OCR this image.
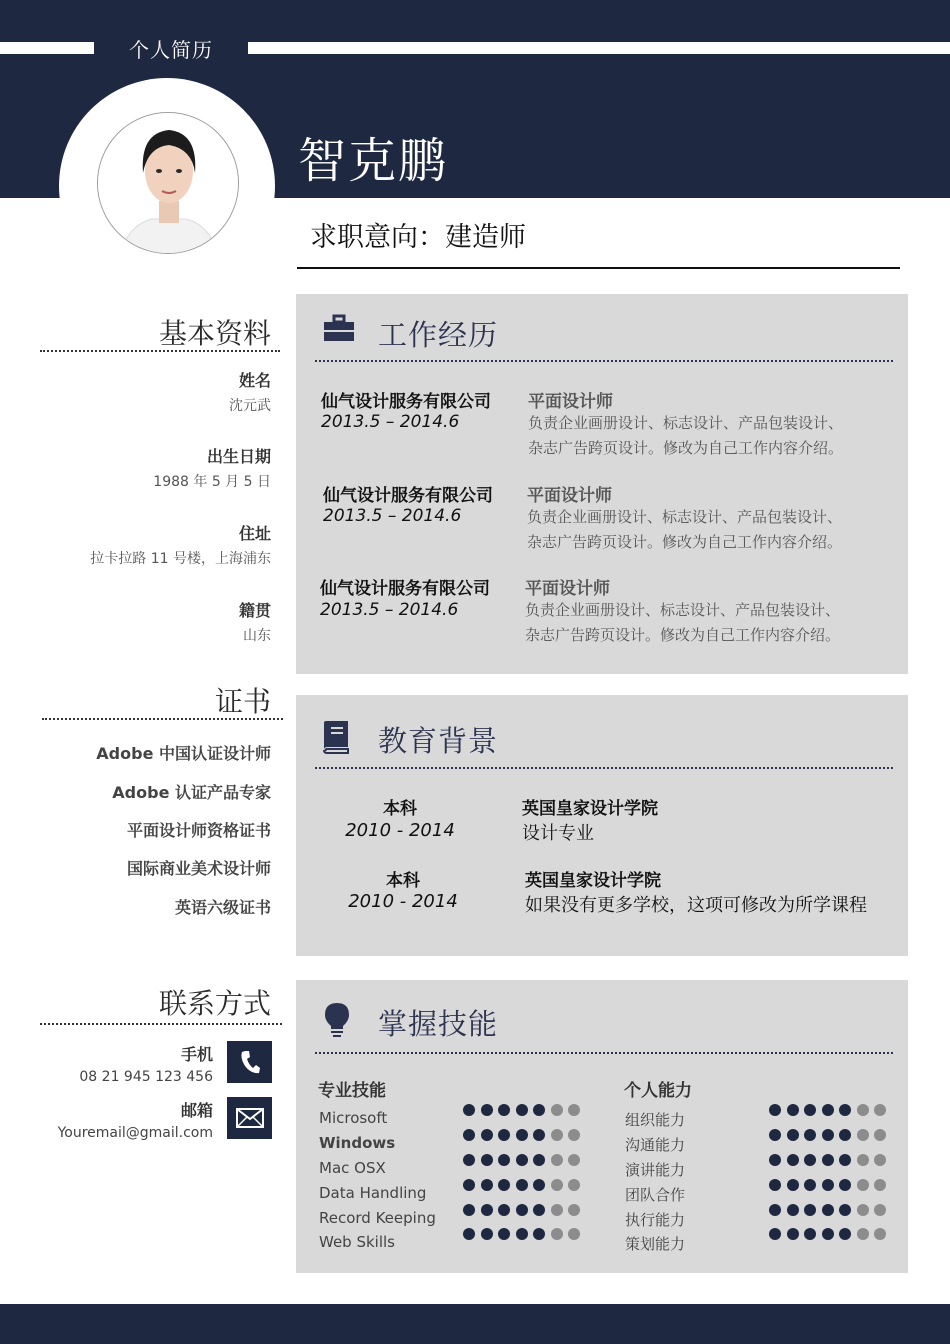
个人简历
智克鹏
求职意向：建造师
基本资料
姓名
沈元武
出生日期
1988 年 5 月 5 日
住址
拉卡拉路 11 号楼，上海浦东
籍贯
山东
证书
Adobe 中国认证设计师
Adobe 认证产品专家
平面设计师资格证书
国际商业美术设计师
英语六级证书
联系方式
手机
08 21 945 123 456
邮箱
Youremail@gmail.com
工作经历
仙气设计服务有限公司
2013.5 – 2014.6
平面设计师
负责企业画册设计、标志设计、产品包装设计、
杂志广告跨页设计。修改为自己工作内容介绍。
仙气设计服务有限公司
2013.5 – 2014.6
平面设计师
负责企业画册设计、标志设计、产品包装设计、
杂志广告跨页设计。修改为自己工作内容介绍。
仙气设计服务有限公司
2013.5 – 2014.6
平面设计师
负责企业画册设计、标志设计、产品包装设计、
杂志广告跨页设计。修改为自己工作内容介绍。
教育背景
本科
2010 - 2014
英国皇家设计学院
设计专业
本科
2010 - 2014
英国皇家设计学院
如果没有更多学校，这项可修改为所学课程
掌握技能
专业技能	个人能力
Microsoft
Windows
Mac OSX
Data Handling
Record Keeping
Web Skills
组织能力
沟通能力
演讲能力
团队合作
执行能力
策划能力
